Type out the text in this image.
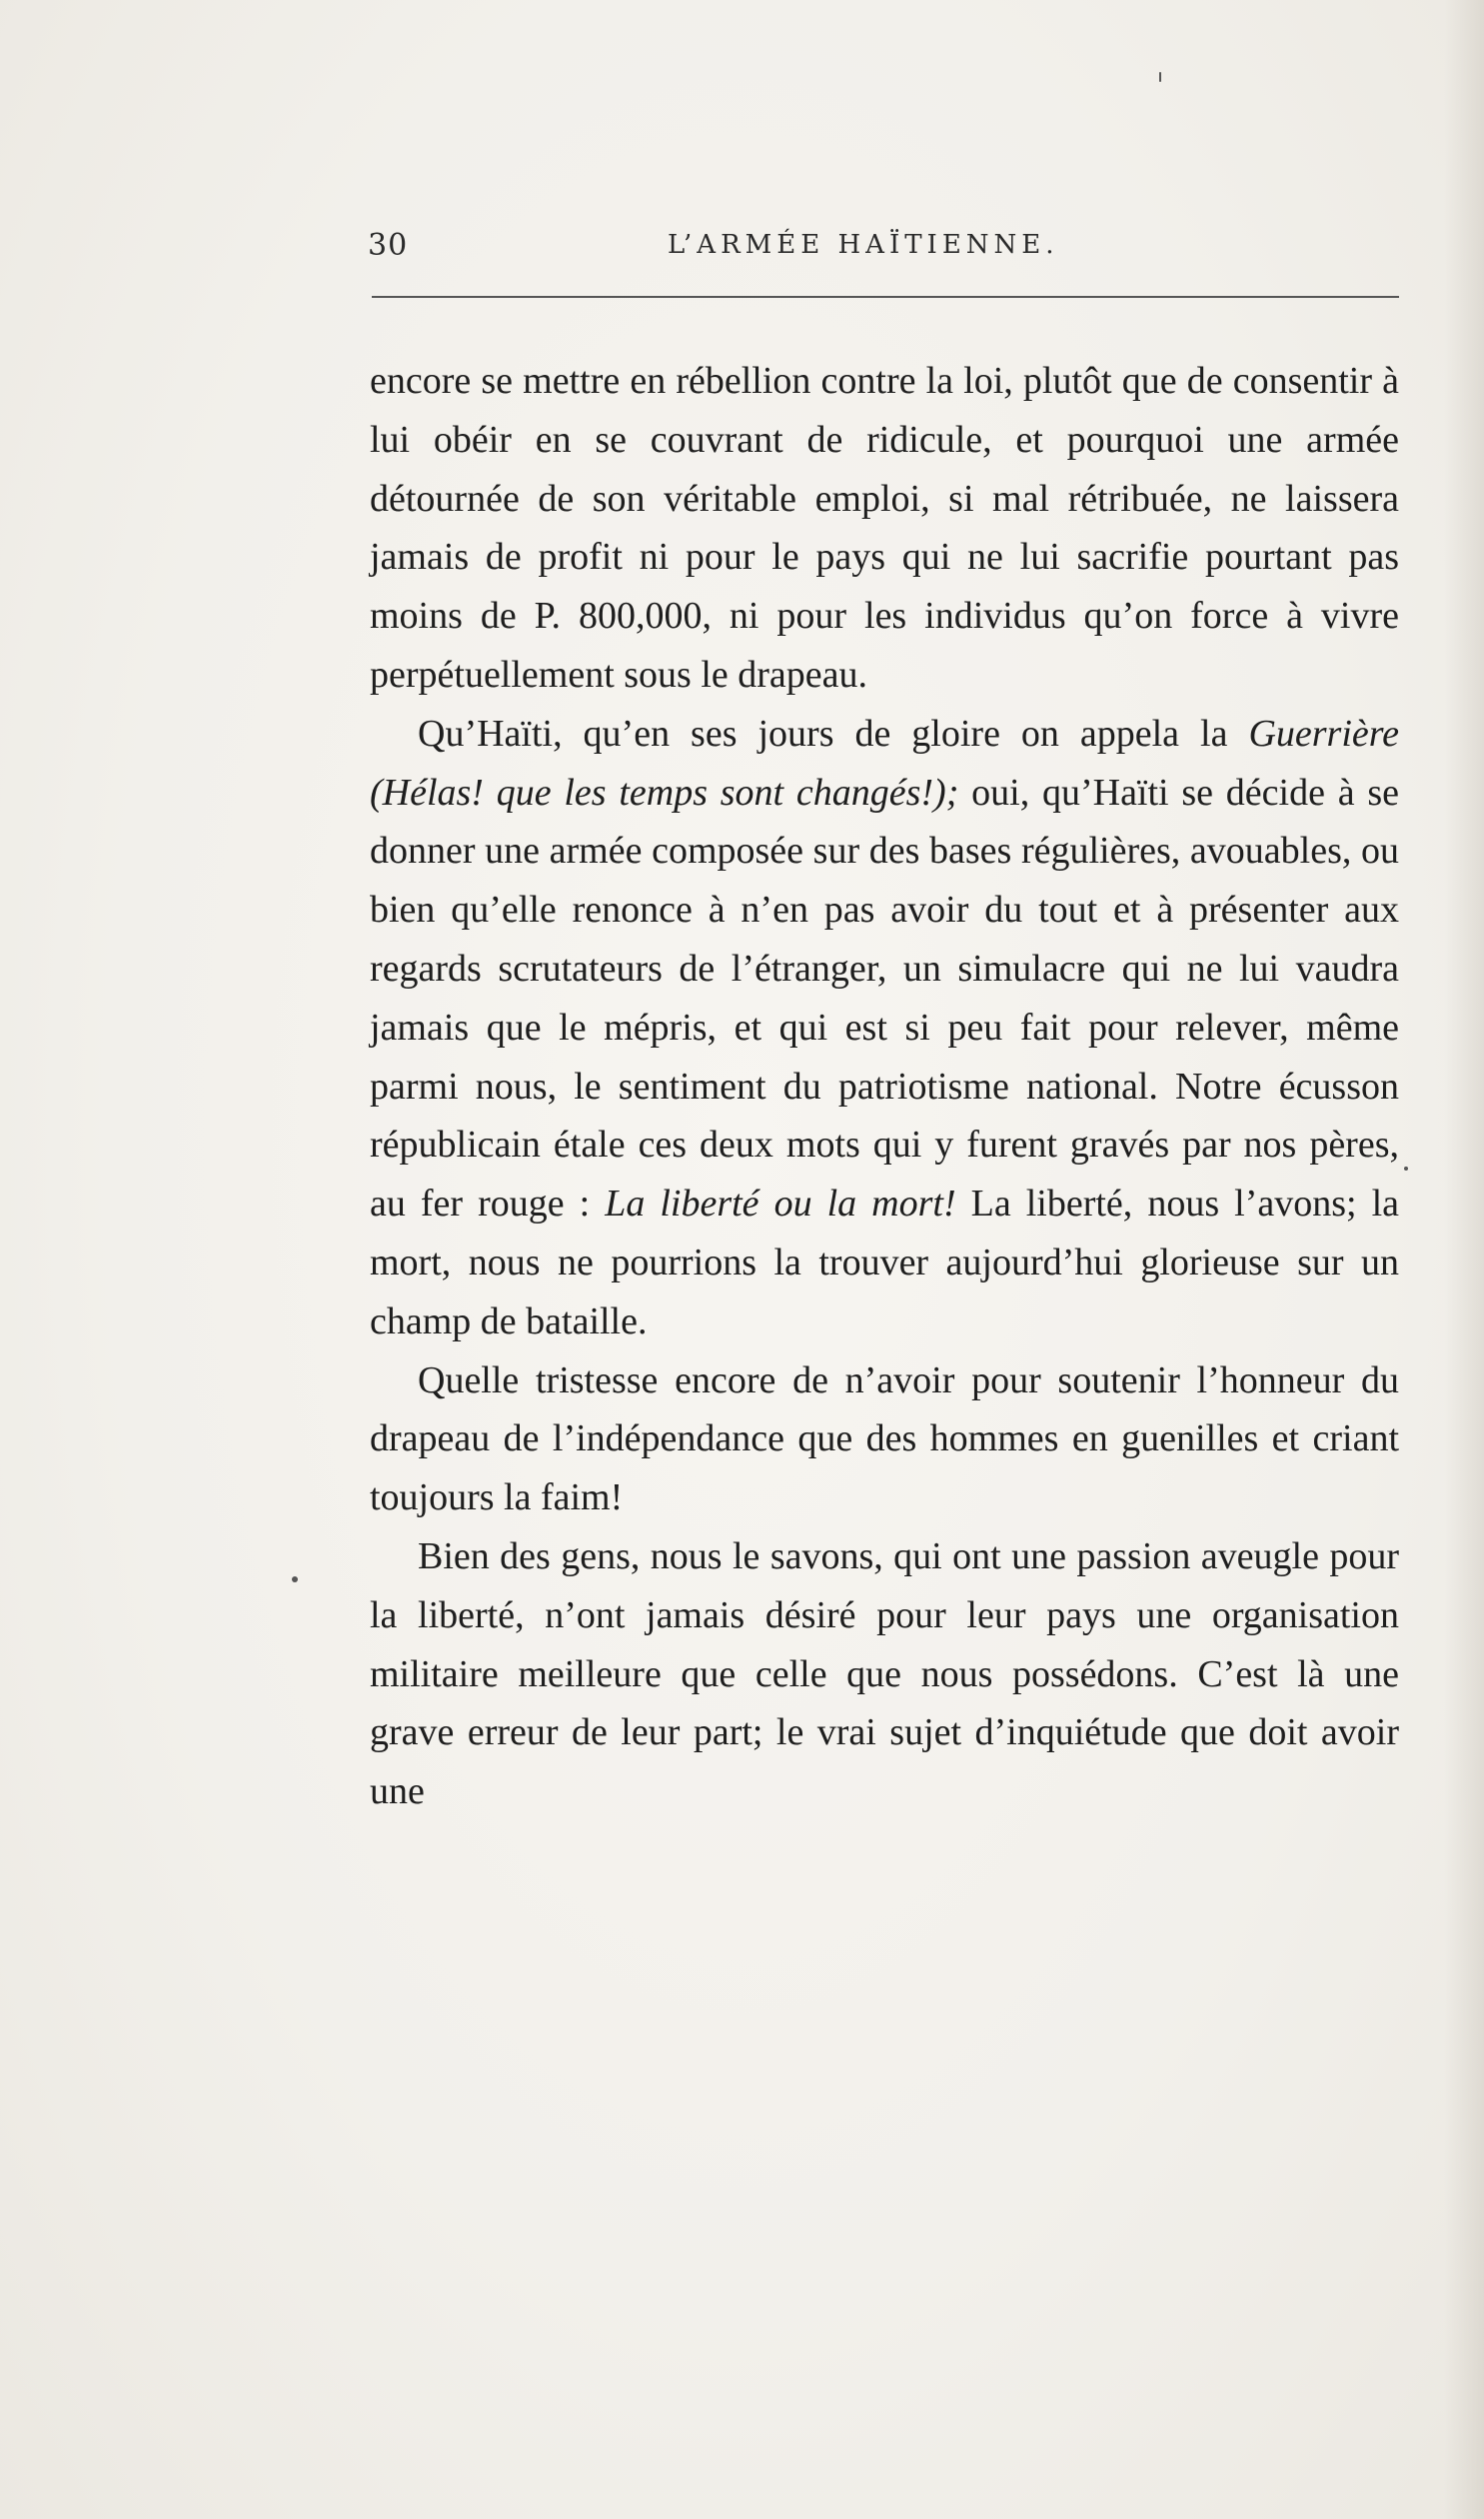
30	L’ARMÉE HAÏTIENNE.

encore se mettre en rébellion contre la loi, plutôt que de consentir à lui obéir en se couvrant de ridicule, et pourquoi une armée détournée de son véritable emploi, si mal rétribuée, ne laissera jamais de profit ni pour le pays qui ne lui sacrifie pourtant pas moins de P. 800,000, ni pour les individus qu’on force à vivre perpétuellement sous le drapeau.

Qu’Haïti, qu’en ses jours de gloire on appela la Guerrière (Hélas! que les temps sont changés!); oui, qu’Haïti se décide à se donner une armée composée sur des bases régulières, avouables, ou bien qu’elle renonce à n’en pas avoir du tout et à présenter aux regards scrutateurs de l’étranger, un simulacre qui ne lui vaudra jamais que le mépris, et qui est si peu fait pour relever, même parmi nous, le sentiment du patriotisme national. Notre écusson républicain étale ces deux mots qui y furent gravés par nos pères, au fer rouge : La liberté ou la mort! La liberté, nous l’avons; la mort, nous ne pourrions la trouver aujourd’hui glorieuse sur un champ de bataille.

Quelle tristesse encore de n’avoir pour soutenir l’honneur du drapeau de l’indépendance que des hommes en guenilles et criant toujours la faim!

Bien des gens, nous le savons, qui ont une passion aveugle pour la liberté, n’ont jamais désiré pour leur pays une organisation militaire meilleure que celle que nous possédons. C’est là une grave erreur de leur part; le vrai sujet d’inquiétude que doit avoir une
